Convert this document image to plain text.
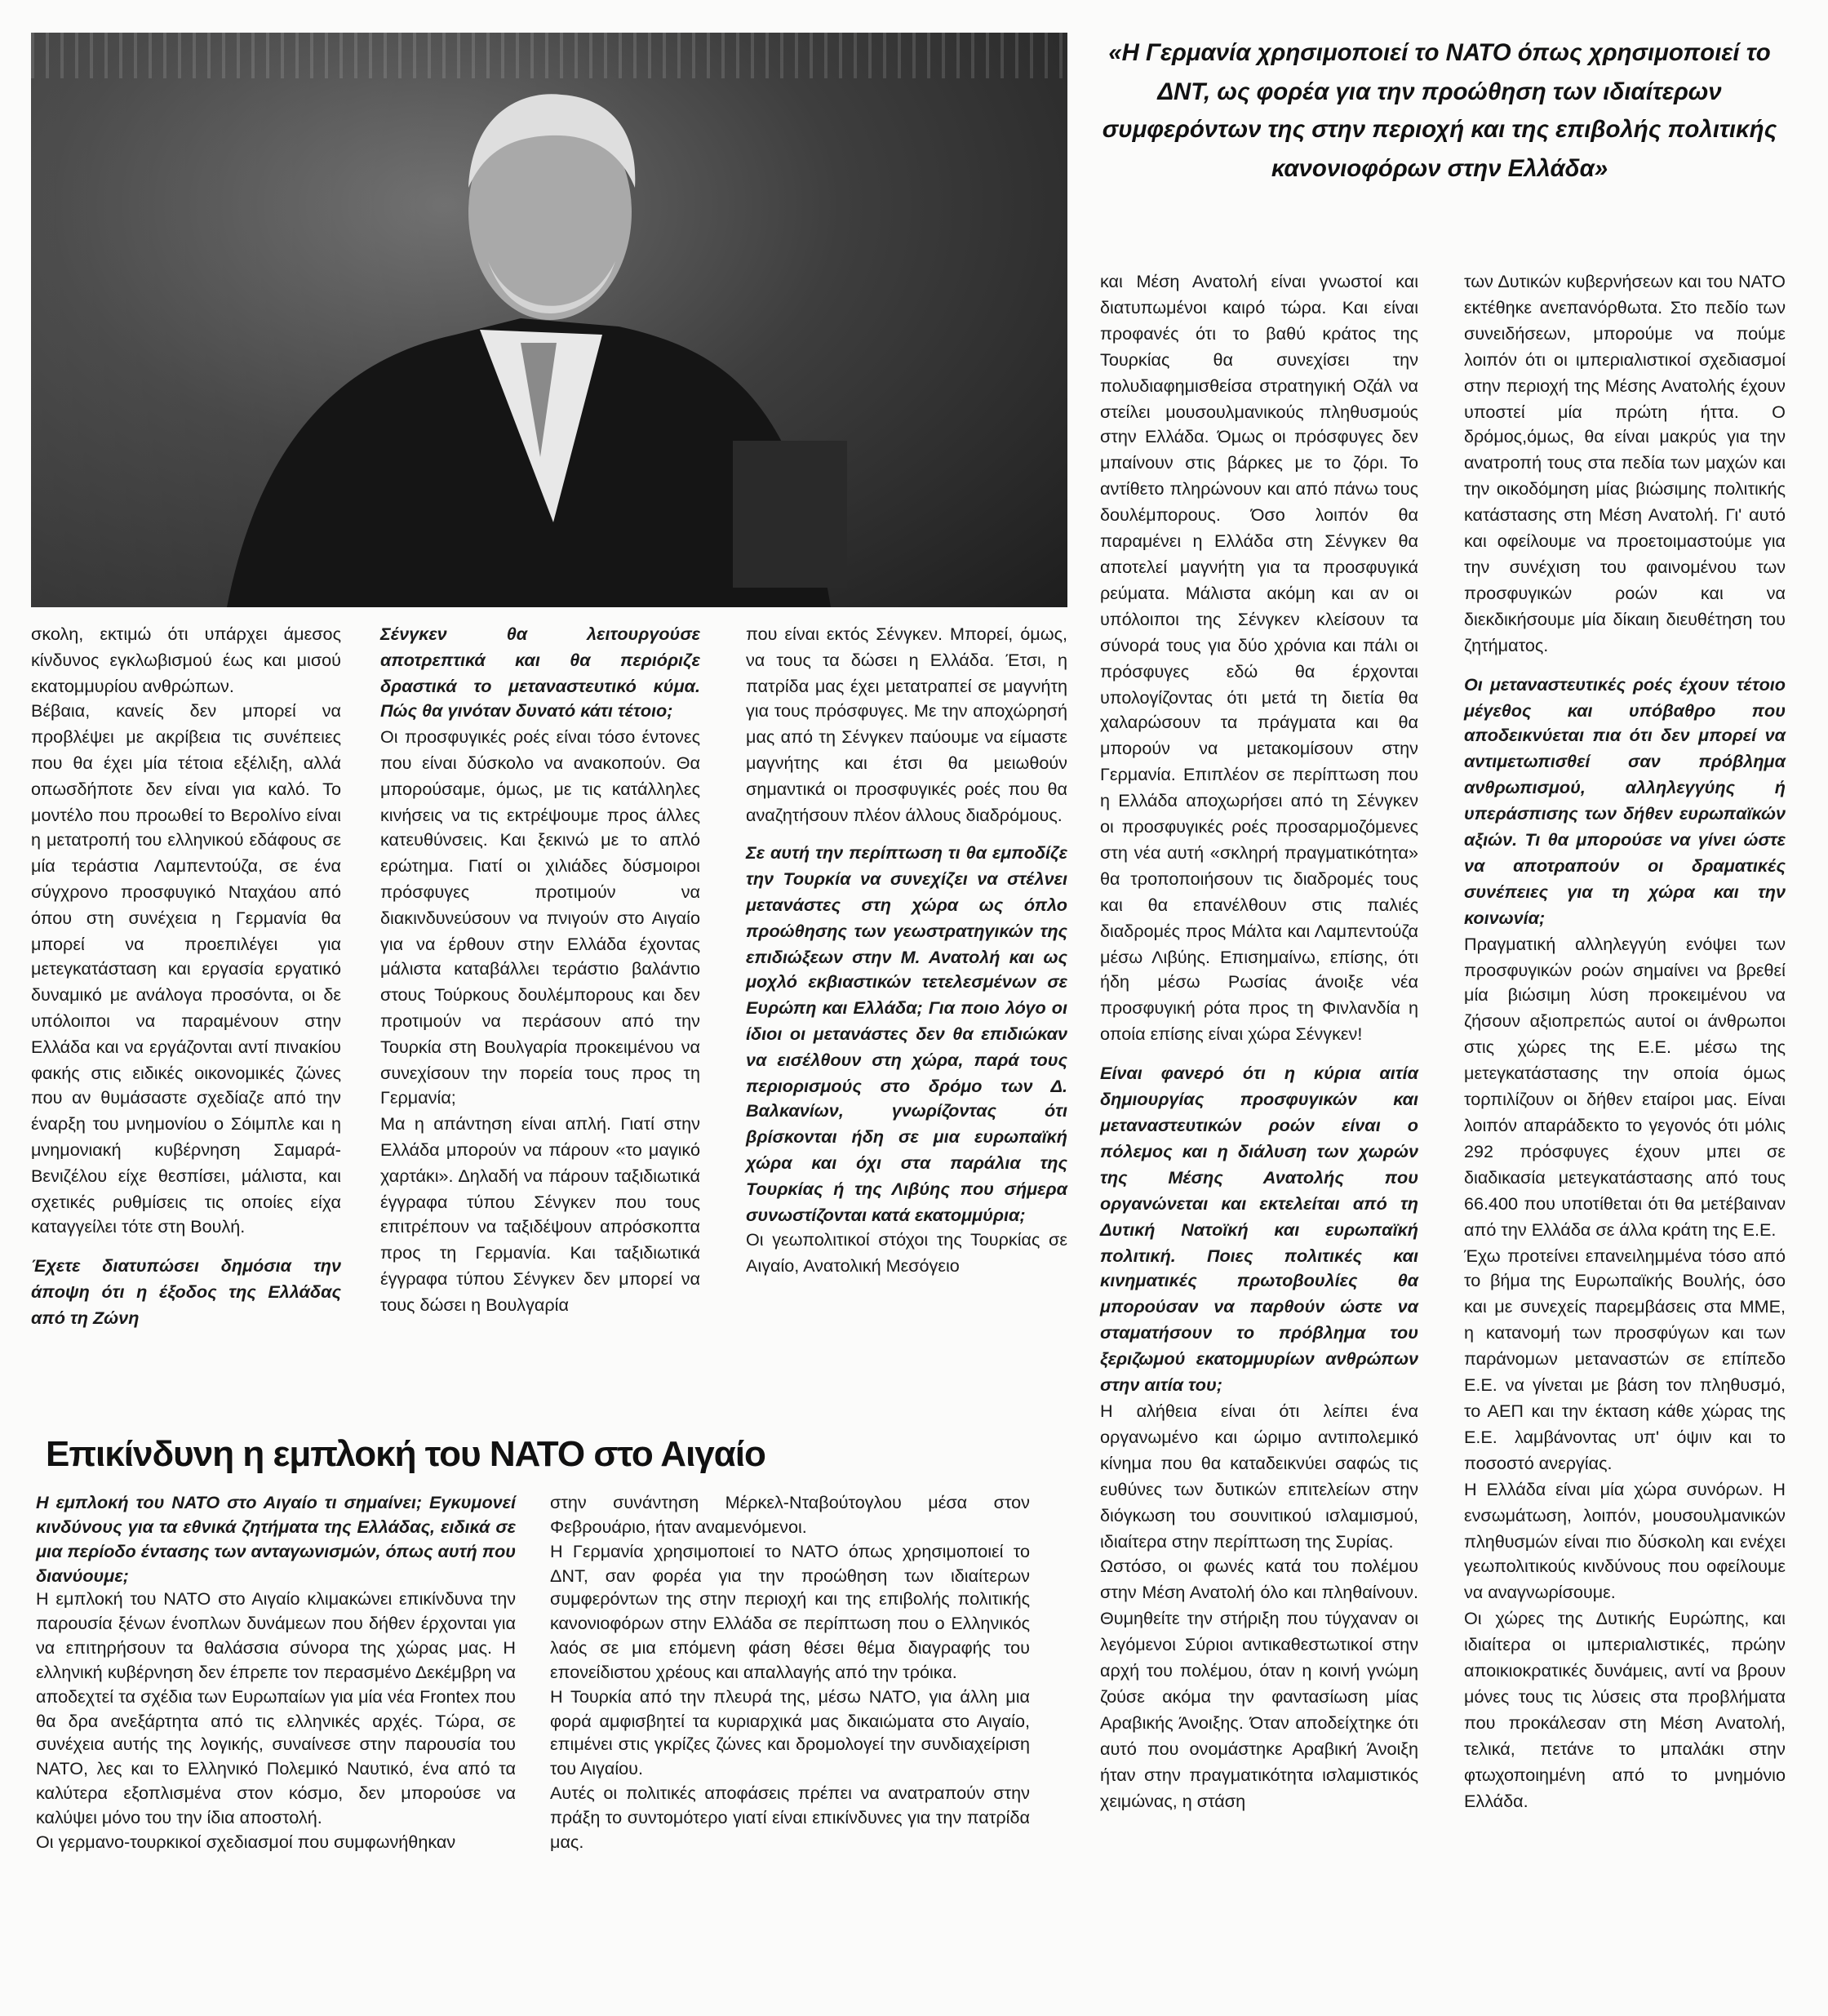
«Η Γερμανία χρησιμοποιεί το ΝΑΤΟ όπως χρησιμοποιεί το ΔΝΤ, ως φορέα για την προώθηση των ιδιαίτερων συμφερόντων της στην περιοχή και της επιβολής πολιτικής κανονιοφόρων στην Ελλάδα»

σκολη, εκτιμώ ότι υπάρχει άμεσος κίνδυνος εγκλωβισμού έως και μισού εκατομμυρίου ανθρώπων.

Βέβαια, κανείς δεν μπορεί να προβλέψει με ακρίβεια τις συνέπειες που θα έχει μία τέτοια εξέλιξη, αλλά οπωσδήποτε δεν είναι για καλό. Το μοντέλο που προωθεί το Βερολίνο είναι η μετατροπή του ελληνικού εδάφους σε μία τεράστια Λαμπεντούζα, σε ένα σύγχρονο προσφυγικό Νταχάου από όπου στη συνέχεια η Γερμανία θα μπορεί να προεπιλέγει για μετεγκατάσταση και εργασία εργατικό δυναμικό με ανάλογα προσόντα, οι δε υπόλοιποι να παραμένουν στην Ελλάδα και να εργάζονται αντί πινακίου φακής στις ειδικές οικονομικές ζώνες που αν θυμάσαστε σχεδίαζε από την έναρξη του μνημονίου ο Σόιμπλε και η μνημονιακή κυβέρνηση Σαμαρά-Βενιζέλου είχε θεσπίσει, μάλιστα, και σχετικές ρυθμίσεις τις οποίες είχα καταγγείλει τότε στη Βουλή.

Έχετε διατυπώσει δημόσια την άποψη ότι η έξοδος της Ελλάδας από τη Ζώνη

Σένγκεν θα λειτουργούσε αποτρεπτικά και θα περιόριζε δραστικά το μεταναστευτικό κύμα. Πώς θα γινόταν δυνατό κάτι τέτοιο;

Οι προσφυγικές ροές είναι τόσο έντονες που είναι δύσκολο να ανακοπούν. Θα μπορούσαμε, όμως, με τις κατάλληλες κινήσεις να τις εκτρέψουμε προς άλλες κατευθύνσεις. Και ξεκινώ με το απλό ερώτημα. Γιατί οι χιλιάδες δύσμοιροι πρόσφυγες προτιμούν να διακινδυνεύσουν να πνιγούν στο Αιγαίο για να έρθουν στην Ελλάδα έχοντας μάλιστα καταβάλλει τεράστιο βαλάντιο στους Τούρκους δουλέμπορους και δεν προτιμούν να περάσουν από την Τουρκία στη Βουλγαρία προκειμένου να συνεχίσουν την πορεία τους προς τη Γερμανία;

Μα η απάντηση είναι απλή. Γιατί στην Ελλάδα μπορούν να πάρουν «το μαγικό χαρτάκι». Δηλαδή να πάρουν ταξιδιωτικά έγγραφα τύπου Σένγκεν που τους επιτρέπουν να ταξιδέψουν απρόσκοπτα προς τη Γερμανία. Και ταξιδιωτικά έγγραφα τύπου Σένγκεν δεν μπορεί να τους δώσει η Βουλγαρία

που είναι εκτός Σένγκεν. Μπορεί, όμως, να τους τα δώσει η Ελλάδα. Έτσι, η πατρίδα μας έχει μετατραπεί σε μαγνήτη για τους πρόσφυγες. Με την αποχώρησή μας από τη Σένγκεν παύουμε να είμαστε μαγνήτης και έτσι θα μειωθούν σημαντικά οι προσφυγικές ροές που θα αναζητήσουν πλέον άλλους διαδρόμους.

Σε αυτή την περίπτωση τι θα εμποδίζε την Τουρκία να συνεχίζει να στέλνει μετανάστες στη χώρα ως όπλο προώθησης των γεωστρατηγικών της επιδιώξεων στην Μ. Ανατολή και ως μοχλό εκβιαστικών τετελεσμένων σε Ευρώπη και Ελλάδα; Για ποιο λόγο οι ίδιοι οι μετανάστες δεν θα επιδιώκαν να εισέλθουν στη χώρα, παρά τους περιορισμούς στο δρόμο των Δ. Βαλκανίων, γνωρίζοντας ότι βρίσκονται ήδη σε μια ευρωπαϊκή χώρα και όχι στα παράλια της Τουρκίας ή της Λιβύης που σήμερα συνωστίζονται κατά εκατομμύρια;

Οι γεωπολιτικοί στόχοι της Τουρκίας σε Αιγαίο, Ανατολική Μεσόγειο

και Μέση Ανατολή είναι γνωστοί και διατυπωμένοι καιρό τώρα. Και είναι προφανές ότι το βαθύ κράτος της Τουρκίας θα συνεχίσει την πολυδιαφημισθείσα στρατηγική Οζάλ να στείλει μουσουλμανικούς πληθυσμούς στην Ελλάδα. Όμως οι πρόσφυγες δεν μπαίνουν στις βάρκες με το ζόρι. Το αντίθετο πληρώνουν και από πάνω τους δουλέμπορους. Όσο λοιπόν θα παραμένει η Ελλάδα στη Σένγκεν θα αποτελεί μαγνήτη για τα προσφυγικά ρεύματα. Μάλιστα ακόμη και αν οι υπόλοιποι της Σένγκεν κλείσουν τα σύνορά τους για δύο χρόνια και πάλι οι πρόσφυγες εδώ θα έρχονται υπολογίζοντας ότι μετά τη διετία θα χαλαρώσουν τα πράγματα και θα μπορούν να μετακομίσουν στην Γερμανία. Επιπλέον σε περίπτωση που η Ελλάδα αποχωρήσει από τη Σένγκεν οι προσφυγικές ροές προσαρμοζόμενες στη νέα αυτή «σκληρή πραγματικότητα» θα τροποποιήσουν τις διαδρομές τους και θα επανέλθουν στις παλιές διαδρομές προς Μάλτα και Λαμπεντούζα μέσω Λιβύης. Επισημαίνω, επίσης, ότι ήδη μέσω Ρωσίας άνοιξε νέα προσφυγική ρότα προς τη Φινλανδία η οποία επίσης είναι χώρα Σένγκεν!

Είναι φανερό ότι η κύρια αιτία δημιουργίας προσφυγικών και μεταναστευτικών ροών είναι ο πόλεμος και η διάλυση των χωρών της Μέσης Ανατολής που οργανώνεται και εκτελείται από τη Δυτική Νατοϊκή και ευρωπαϊκή πολιτική. Ποιες πολιτικές και κινηματικές πρωτοβουλίες θα μπορούσαν να παρθούν ώστε να σταματήσουν το πρόβλημα του ξεριζωμού εκατομμυρίων ανθρώπων στην αιτία του;

Η αλήθεια είναι ότι λείπει ένα οργανωμένο και ώριμο αντιπολεμικό κίνημα που θα καταδεικνύει σαφώς τις ευθύνες των δυτικών επιτελείων στην διόγκωση του σουνιτικού ισλαμισμού, ιδιαίτερα στην περίπτωση της Συρίας.

Ωστόσο, οι φωνές κατά του πολέμου στην Μέση Ανατολή όλο και πληθαίνουν. Θυμηθείτε την στήριξη που τύγχαναν οι λεγόμενοι Σύριοι αντικαθεστωτικοί στην αρχή του πολέμου, όταν η κοινή γνώμη ζούσε ακόμα την φαντασίωση μίας Αραβικής Άνοιξης. Όταν αποδείχτηκε ότι αυτό που ονομάστηκε Αραβική Άνοιξη ήταν στην πραγματικότητα ισλαμιστικός χειμώνας, η στάση

των Δυτικών κυβερνήσεων και του ΝΑΤΟ εκτέθηκε ανεπανόρθωτα. Στο πεδίο των συνειδήσεων, μπορούμε να πούμε λοιπόν ότι οι ιμπεριαλιστικοί σχεδιασμοί στην περιοχή της Μέσης Ανατολής έχουν υποστεί μία πρώτη ήττα. Ο δρόμος,όμως, θα είναι μακρύς για την ανατροπή τους στα πεδία των μαχών και την οικοδόμηση μίας βιώσιμης πολιτικής κατάστασης στη Μέση Ανατολή. Γι' αυτό και οφείλουμε να προετοιμαστούμε για την συνέχιση του φαινομένου των προσφυγικών ροών και να διεκδικήσουμε μία δίκαιη διευθέτηση του ζητήματος.

Οι μεταναστευτικές ροές έχουν τέτοιο μέγεθος και υπόβαθρο που αποδεικνύεται πια ότι δεν μπορεί να αντιμετωπισθεί σαν πρόβλημα ανθρωπισμού, αλληλεγγύης ή υπεράσπισης των δήθεν ευρωπαϊκών αξιών. Τι θα μπορούσε να γίνει ώστε να αποτραπούν οι δραματικές συνέπειες για τη χώρα και την κοινωνία;

Πραγματική αλληλεγγύη ενόψει των προσφυγικών ροών σημαίνει να βρεθεί μία βιώσιμη λύση προκειμένου να ζήσουν αξιοπρεπώς αυτοί οι άνθρωποι στις χώρες της Ε.Ε. μέσω της μετεγκατάστασης την οποία όμως τορπιλίζουν οι δήθεν εταίροι μας. Είναι λοιπόν απαράδεκτο το γεγονός ότι μόλις 292 πρόσφυγες έχουν μπει σε διαδικασία μετεγκατάστασης από τους 66.400 που υποτίθεται ότι θα μετέβαιναν από την Ελλάδα σε άλλα κράτη της Ε.Ε.

Έχω προτείνει επανειλημμένα τόσο από το βήμα της Ευρωπαϊκής Βουλής, όσο και με συνεχείς παρεμβάσεις στα ΜΜΕ, η κατανομή των προσφύγων και των παράνομων μεταναστών σε επίπεδο Ε.Ε. να γίνεται με βάση τον πληθυσμό, το ΑΕΠ και την έκταση κάθε χώρας της Ε.Ε. λαμβάνοντας υπ' όψιν και το ποσοστό ανεργίας.

Η Ελλάδα είναι μία χώρα συνόρων. Η ενσωμάτωση, λοιπόν, μουσουλμανικών πληθυσμών είναι πιο δύσκολη και ενέχει γεωπολιτικούς κινδύνους που οφείλουμε να αναγνωρίσουμε.

Οι χώρες της Δυτικής Ευρώπης, και ιδιαίτερα οι ιμπεριαλιστικές, πρώην αποικιοκρατικές δυνάμεις, αντί να βρουν μόνες τους τις λύσεις στα προβλήματα που προκάλεσαν στη Μέση Ανατολή, τελικά, πετάνε το μπαλάκι στην φτωχοποιημένη από το μνημόνιο Ελλάδα.

Επικίνδυνη η εμπλοκή του ΝΑΤΟ στο Αιγαίο

Η εμπλοκή του ΝΑΤΟ στο Αιγαίο τι σημαίνει; Εγκυμονεί κινδύνους για τα εθνικά ζητήματα της Ελλάδας, ειδικά σε μια περίοδο έντασης των ανταγωνισμών, όπως αυτή που διανύουμε;

Η εμπλοκή του ΝΑΤΟ στο Αιγαίο κλιμακώνει επικίνδυνα την παρουσία ξένων ένοπλων δυνάμεων που δήθεν έρχονται για να επιτηρήσουν τα θαλάσσια σύνορα της χώρας μας. Η ελληνική κυβέρνηση δεν έπρεπε τον περασμένο Δεκέμβρη να αποδεχτεί τα σχέδια των Ευρωπαίων για μία νέα Frontex που θα δρα ανεξάρτητα από τις ελληνικές αρχές. Τώρα, σε συνέχεια αυτής της λογικής, συναίνεσε στην παρουσία του ΝΑΤΟ, λες και το Ελληνικό Πολεμικό Ναυτικό, ένα από τα καλύτερα εξοπλισμένα στον κόσμο, δεν μπορούσε να καλύψει μόνο του την ίδια αποστολή.

Οι γερμανο-τουρκικοί σχεδιασμοί που συμφωνήθηκαν

στην συνάντηση Μέρκελ-Νταβούτογλου μέσα στον Φεβρουάριο, ήταν αναμενόμενοι.

Η Γερμανία χρησιμοποιεί το ΝΑΤΟ όπως χρησιμοποιεί το ΔΝΤ, σαν φορέα για την προώθηση των ιδιαίτερων συμφερόντων της στην περιοχή και της επιβολής πολιτικής κανονιοφόρων στην Ελλάδα σε περίπτωση που ο Ελληνικός λαός σε μια επόμενη φάση θέσει θέμα διαγραφής του επονείδιστου χρέους και απαλλαγής από την τρόικα.

Η Τουρκία από την πλευρά της, μέσω ΝΑΤΟ, για άλλη μια φορά αμφισβητεί τα κυριαρχικά μας δικαιώματα στο Αιγαίο, επιμένει στις γκρίζες ζώνες και δρομολογεί την συνδιαχείριση του Αιγαίου.

Αυτές οι πολιτικές αποφάσεις πρέπει να ανατραπούν στην πράξη το συντομότερο γιατί είναι επικίνδυνες για την πατρίδα μας.
